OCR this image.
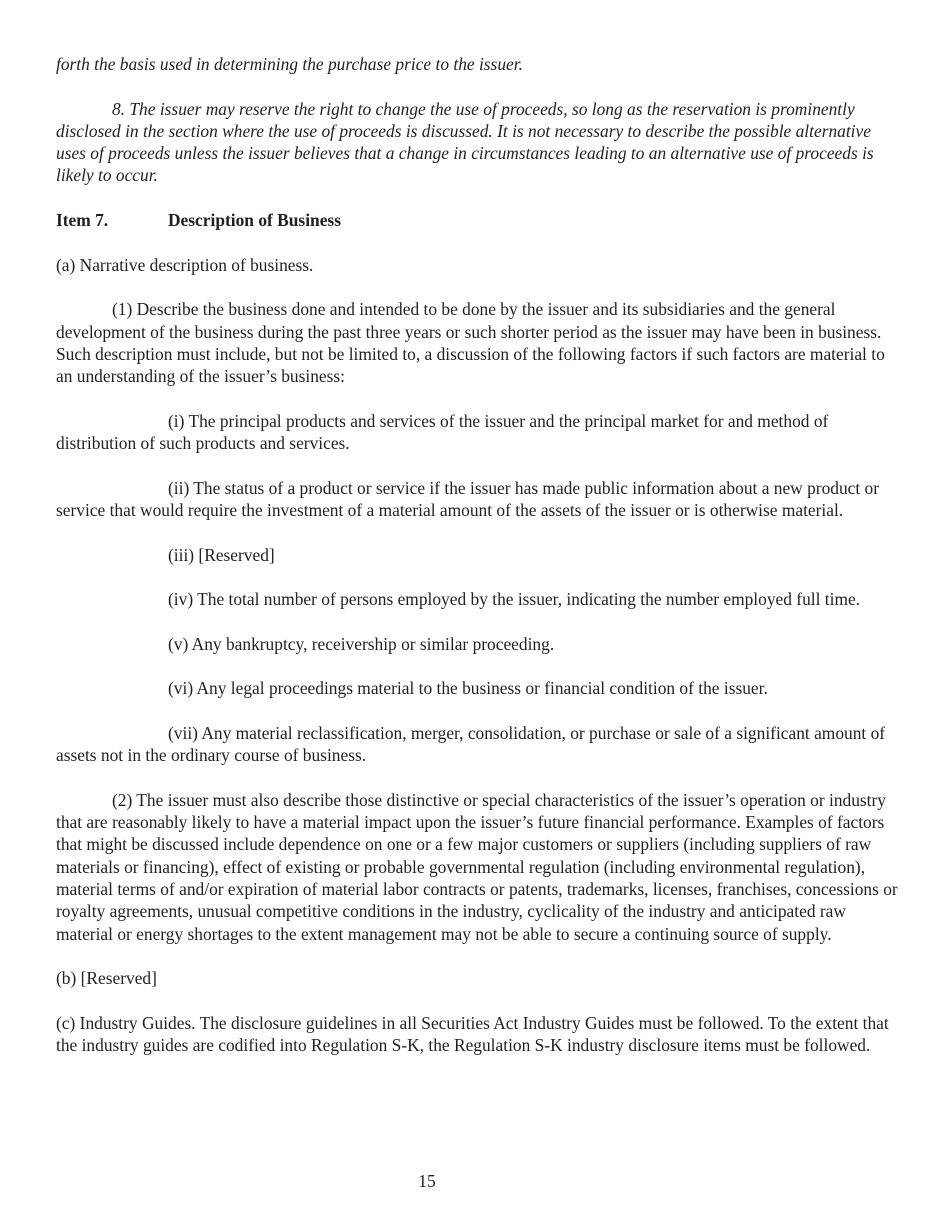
forth the basis used in determining the purchase price to the issuer.

8. The issuer may reserve the right to change the use of proceeds, so long as the reservation is prominently disclosed in the section where the use of proceeds is discussed. It is not necessary to describe the possible alternative uses of proceeds unless the issuer believes that a change in circumstances leading to an alternative use of proceeds is likely to occur.

Item 7.	Description of Business

(a) Narrative description of business.

(1) Describe the business done and intended to be done by the issuer and its subsidiaries and the general development of the business during the past three years or such shorter period as the issuer may have been in business. Such description must include, but not be limited to, a discussion of the following factors if such factors are material to an understanding of the issuer’s business:

(i) The principal products and services of the issuer and the principal market for and method of distribution of such products and services.

(ii) The status of a product or service if the issuer has made public information about a new product or service that would require the investment of a material amount of the assets of the issuer or is otherwise material.

(iii) [Reserved]

(iv) The total number of persons employed by the issuer, indicating the number employed full time.

(v) Any bankruptcy, receivership or similar proceeding.

(vi) Any legal proceedings material to the business or financial condition of the issuer.

(vii) Any material reclassification, merger, consolidation, or purchase or sale of a significant amount of assets not in the ordinary course of business.

(2) The issuer must also describe those distinctive or special characteristics of the issuer’s operation or industry that are reasonably likely to have a material impact upon the issuer’s future financial performance. Examples of factors that might be discussed include dependence on one or a few major customers or suppliers (including suppliers of raw materials or financing), effect of existing or probable governmental regulation (including environmental regulation), material terms of and/or expiration of material labor contracts or patents, trademarks, licenses, franchises, concessions or royalty agreements, unusual competitive conditions in the industry, cyclicality of the industry and anticipated raw material or energy shortages to the extent management may not be able to secure a continuing source of supply.

(b) [Reserved]

(c) Industry Guides. The disclosure guidelines in all Securities Act Industry Guides must be followed. To the extent that the industry guides are codified into Regulation S-K, the Regulation S-K industry disclosure items must be followed.

15
